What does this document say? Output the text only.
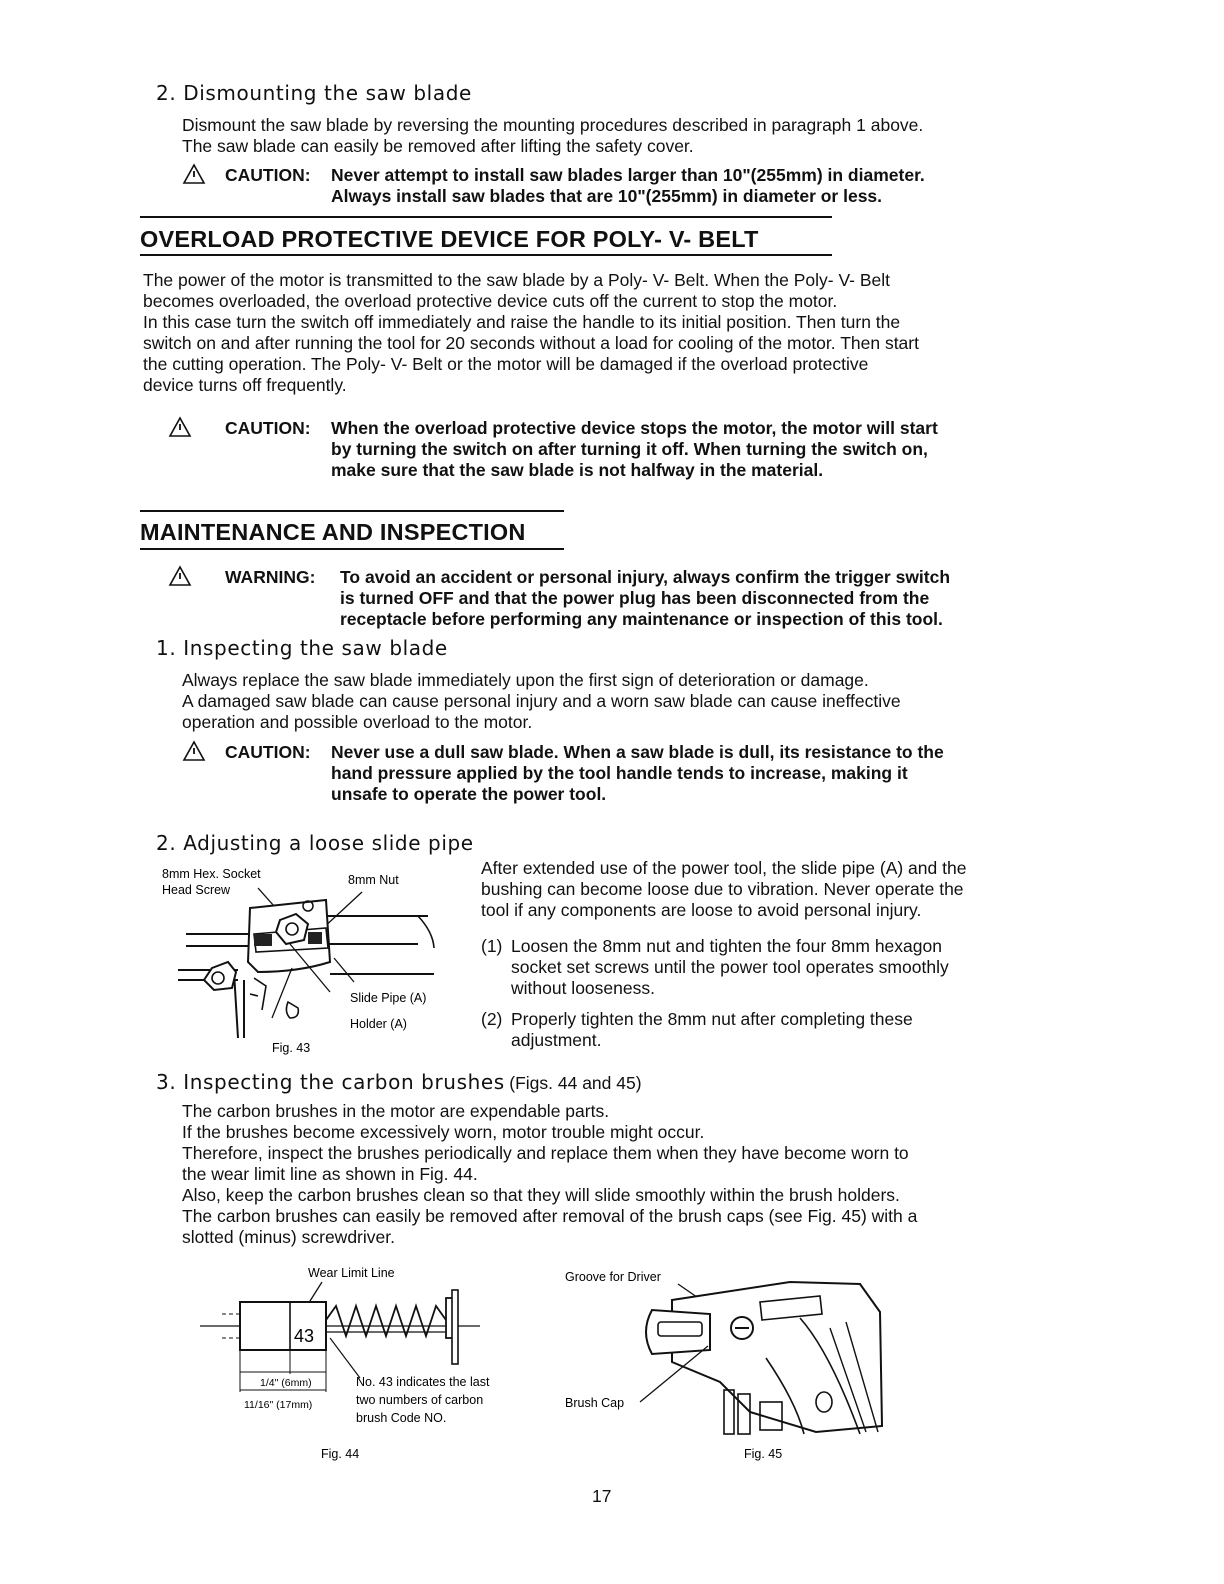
2. Dismounting the saw blade
Dismount the saw blade by reversing the mounting procedures described in paragraph 1 above.
The saw blade can easily be removed after lifting the safety cover.
CAUTION: Never attempt to install saw blades larger than 10"(255mm) in diameter.
Always install saw blades that are 10"(255mm) in diameter or less.
OVERLOAD PROTECTIVE DEVICE FOR POLY- V- BELT
The power of the motor is transmitted to the saw blade by a Poly- V- Belt. When the Poly- V- Belt
becomes overloaded, the overload protective device cuts off the current to stop the motor.
In this case turn the switch off immediately and raise the handle to its initial position. Then turn the
switch on and after running the tool for 20 seconds without a load for cooling of the motor. Then start
the cutting operation. The Poly- V- Belt or the motor will be damaged if the overload protective
device turns off frequently.
CAUTION: When the overload protective device stops the motor, the motor will start
by turning the switch on after turning it off. When turning the switch on,
make sure that the saw blade is not halfway in the material.
MAINTENANCE AND INSPECTION
WARNING: To avoid an accident or personal injury, always confirm the trigger switch
is turned OFF and that the power plug has been disconnected from the
receptacle before performing any maintenance or inspection of this tool.
1. Inspecting the saw blade
Always replace the saw blade immediately upon the first sign of deterioration or damage.
A damaged saw blade can cause personal injury and a worn saw blade can cause ineffective
operation and possible overload to the motor.
CAUTION: Never use a dull saw blade. When a saw blade is dull, its resistance to the
hand pressure applied by the tool handle tends to increase, making it
unsafe to operate the power tool.
2. Adjusting a loose slide pipe
8mm Hex. Socket
Head Screw
8mm Nut
Slide Pipe (A)
Holder (A)
Fig. 43
After extended use of the power tool, the slide pipe (A) and the
bushing can become loose due to vibration. Never operate the
tool if any components are loose to avoid personal injury.
(1) Loosen the 8mm nut and tighten the four 8mm hexagon
socket set screws until the power tool operates smoothly
without looseness.
(2) Properly tighten the 8mm nut after completing these
adjustment.
3. Inspecting the carbon brushes (Figs. 44 and 45)
The carbon brushes in the motor are expendable parts.
If the brushes become excessively worn, motor trouble might occur.
Therefore, inspect the brushes periodically and replace them when they have become worn to
the wear limit line as shown in Fig. 44.
Also, keep the carbon brushes clean so that they will slide smoothly within the brush holders.
The carbon brushes can easily be removed after removal of the brush caps (see Fig. 45) with a
slotted (minus) screwdriver.
Wear Limit Line
43
1/4" (6mm)
11/16" (17mm)
No. 43 indicates the last
two numbers of carbon
brush Code NO.
Fig. 44
Groove for Driver
Brush Cap
Fig. 45
17
